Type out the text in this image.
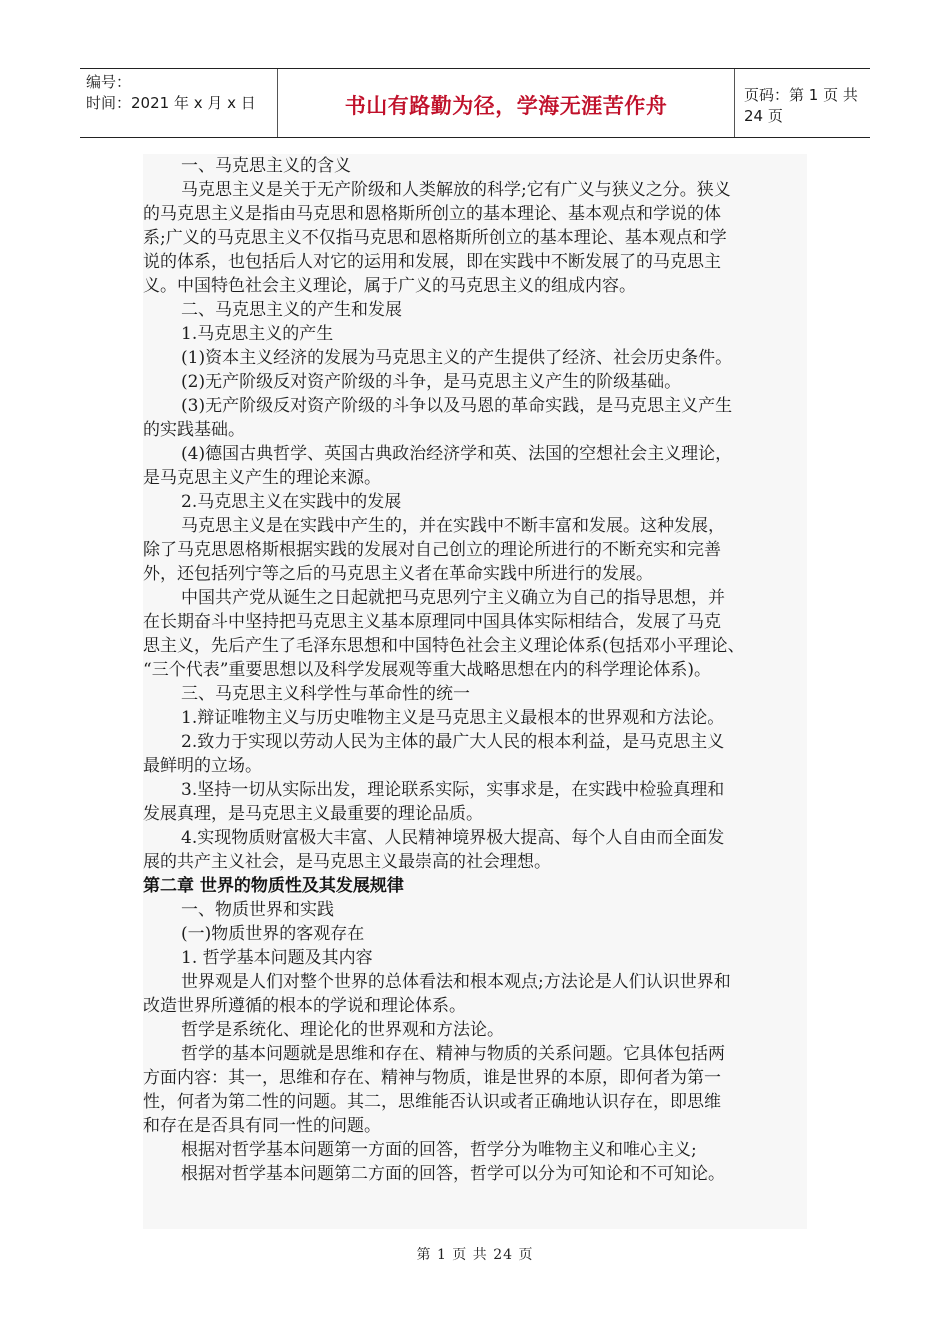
编号：
时间：2021 年 x 月 x 日	书山有路勤为径，学海无涯苦作舟	页码：第 1 页 共 24 页
一、马克思主义的含义
马克思主义是关于无产阶级和人类解放的科学;它有广义与狭义之分。狭义
的马克思主义是指由马克思和恩格斯所创立的基本理论、基本观点和学说的体
系;广义的马克思主义不仅指马克思和恩格斯所创立的基本理论、基本观点和学
说的体系，也包括后人对它的运用和发展，即在实践中不断发展了的马克思主
义。中国特色社会主义理论，属于广义的马克思主义的组成内容。
二、马克思主义的产生和发展
1.马克思主义的产生
(1)资本主义经济的发展为马克思主义的产生提供了经济、社会历史条件。
(2)无产阶级反对资产阶级的斗争，是马克思主义产生的阶级基础。
(3)无产阶级反对资产阶级的斗争以及马恩的革命实践，是马克思主义产生
的实践基础。
(4)德国古典哲学、英国古典政治经济学和英、法国的空想社会主义理论，
是马克思主义产生的理论来源。
2.马克思主义在实践中的发展
马克思主义是在实践中产生的，并在实践中不断丰富和发展。这种发展，
除了马克思恩格斯根据实践的发展对自己创立的理论所进行的不断充实和完善
外，还包括列宁等之后的马克思主义者在革命实践中所进行的发展。
中国共产党从诞生之日起就把马克思列宁主义确立为自己的指导思想，并
在长期奋斗中坚持把马克思主义基本原理同中国具体实际相结合，发展了马克
思主义，先后产生了毛泽东思想和中国特色社会主义理论体系(包括邓小平理论、
“三个代表”重要思想以及科学发展观等重大战略思想在内的科学理论体系)。
三、马克思主义科学性与革命性的统一
1.辩证唯物主义与历史唯物主义是马克思主义最根本的世界观和方法论。
2.致力于实现以劳动人民为主体的最广大人民的根本利益，是马克思主义
最鲜明的立场。
3.坚持一切从实际出发，理论联系实际，实事求是，在实践中检验真理和
发展真理，是马克思主义最重要的理论品质。
4.实现物质财富极大丰富、人民精神境界极大提高、每个人自由而全面发
展的共产主义社会，是马克思主义最崇高的社会理想。
第二章 世界的物质性及其发展规律
一、物质世界和实践
(一)物质世界的客观存在
1. 哲学基本问题及其内容
世界观是人们对整个世界的总体看法和根本观点;方法论是人们认识世界和
改造世界所遵循的根本的学说和理论体系。
哲学是系统化、理论化的世界观和方法论。
哲学的基本问题就是思维和存在、精神与物质的关系问题。它具体包括两
方面内容：其一，思维和存在、精神与物质，谁是世界的本原，即何者为第一
性，何者为第二性的问题。其二，思维能否认识或者正确地认识存在，即思维
和存在是否具有同一性的问题。
根据对哲学基本问题第一方面的回答，哲学分为唯物主义和唯心主义;
根据对哲学基本问题第二方面的回答，哲学可以分为可知论和不可知论。
第 1 页 共 24 页
